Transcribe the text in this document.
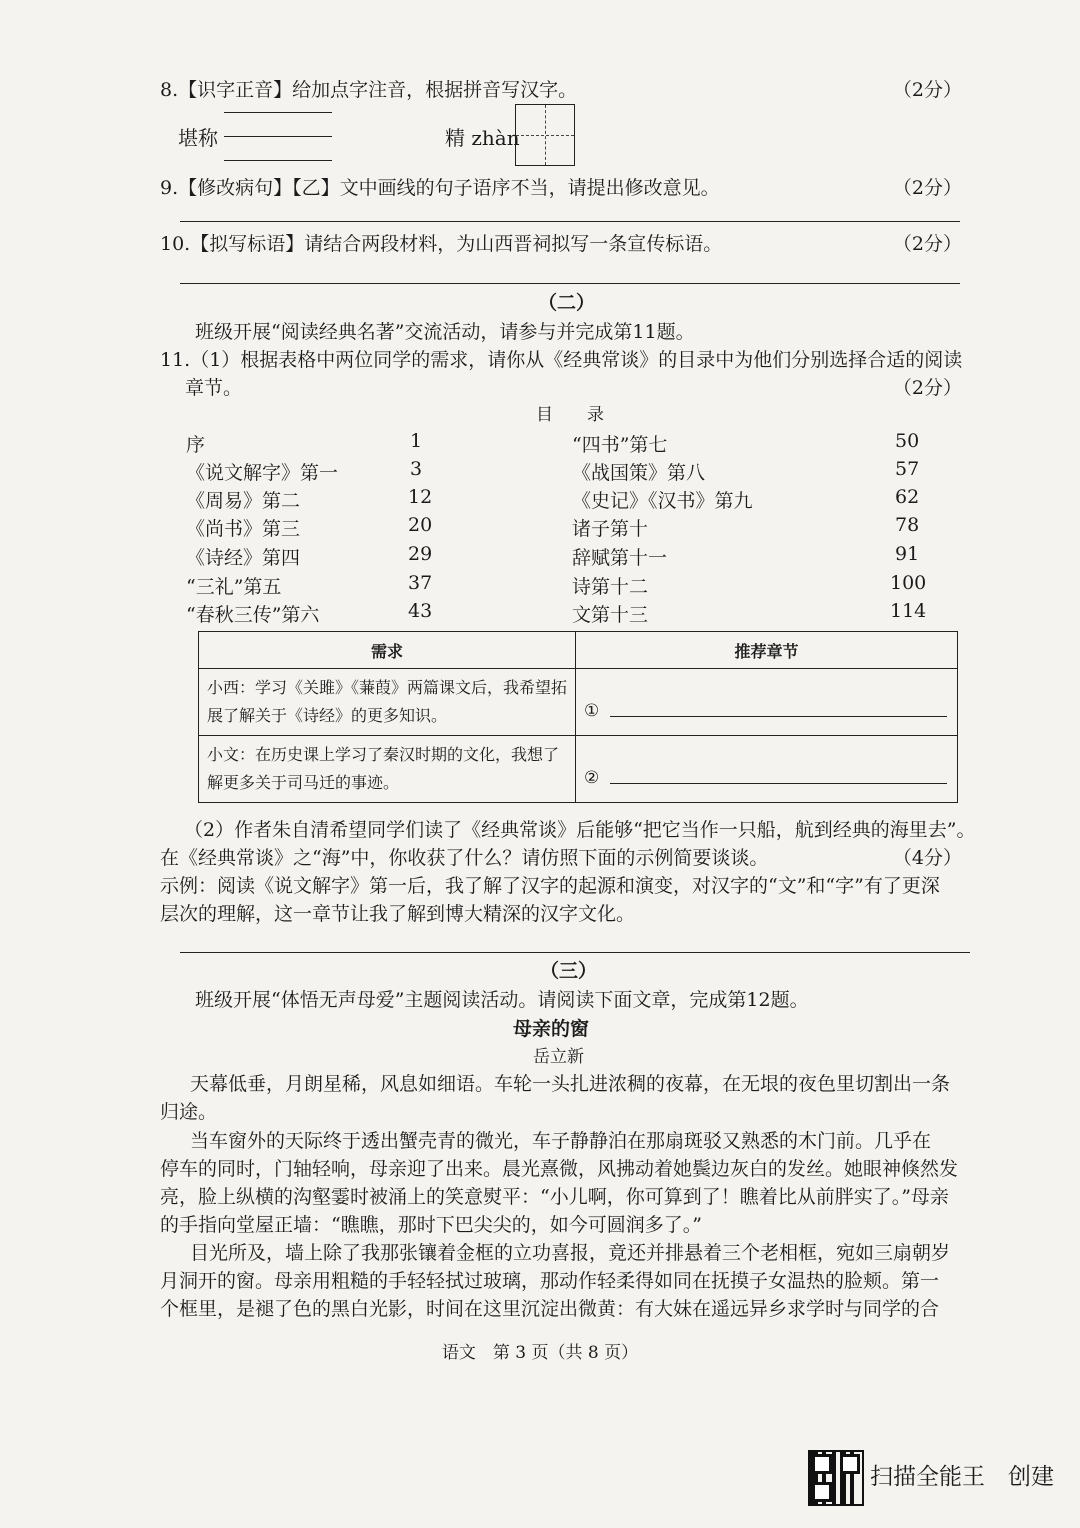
8.【识字正音】给加点字注音，根据拼音写汉字。	（2分）
堪称	精 zhàn
9.【修改病句】【乙】文中画线的句子语序不当，请提出修改意见。	（2分）
10.【拟写标语】请结合两段材料，为山西晋祠拟写一条宣传标语。	（2分）
（二）
班级开展“阅读经典名著”交流活动，请参与并完成第11题。
11.（1）根据表格中两位同学的需求，请你从《经典常谈》的目录中为他们分别选择合适的阅读
章节。	（2分）
目　　录
序	1
《说文解字》第一	3
《周易》第二	12
《尚书》第三	20
《诗经》第四	29
“三礼”第五	37
“春秋三传”第六	43
“四书”第七	50
《战国策》第八	57
《史记》《汉书》第九	62
诸子第十	78
辞赋第十一	91
诗第十二	100
文第十三	114
需求	推荐章节
小西：学习《关雎》《蒹葭》两篇课文后，我希望拓展了解关于《诗经》的更多知识。	①

小文：在历史课上学习了秦汉时期的文化，我想了解更多关于司马迁的事迹。	②
（2）作者朱自清希望同学们读了《经典常谈》后能够“把它当作一只船，航到经典的海里去”。
在《经典常谈》之“海”中，你收获了什么？请仿照下面的示例简要谈谈。	（4分）
示例：阅读《说文解字》第一后，我了解了汉字的起源和演变，对汉字的“文”和“字”有了更深
层次的理解，这一章节让我了解到博大精深的汉字文化。
（三）
班级开展“体悟无声母爱”主题阅读活动。请阅读下面文章，完成第12题。
母亲的窗
岳立新
天幕低垂，月朗星稀，风息如细语。车轮一头扎进浓稠的夜幕，在无垠的夜色里切割出一条
归途。
当车窗外的天际终于透出蟹壳青的微光，车子静静泊在那扇斑驳又熟悉的木门前。几乎在
停车的同时，门轴轻响，母亲迎了出来。晨光熹微，风拂动着她鬓边灰白的发丝。她眼神倏然发
亮，脸上纵横的沟壑霎时被涌上的笑意熨平：“小儿啊，你可算到了！瞧着比从前胖实了。”母亲
的手指向堂屋正墙：“瞧瞧，那时下巴尖尖的，如今可圆润多了。”
目光所及，墙上除了我那张镶着金框的立功喜报，竟还并排悬着三个老相框，宛如三扇朝岁
月洞开的窗。母亲用粗糙的手轻轻拭过玻璃，那动作轻柔得如同在抚摸子女温热的脸颊。第一
个框里，是褪了色的黑白光影，时间在这里沉淀出微黄：有大妹在遥远异乡求学时与同学的合
语文　第 3 页（共 8 页）
扫描全能王　创建
